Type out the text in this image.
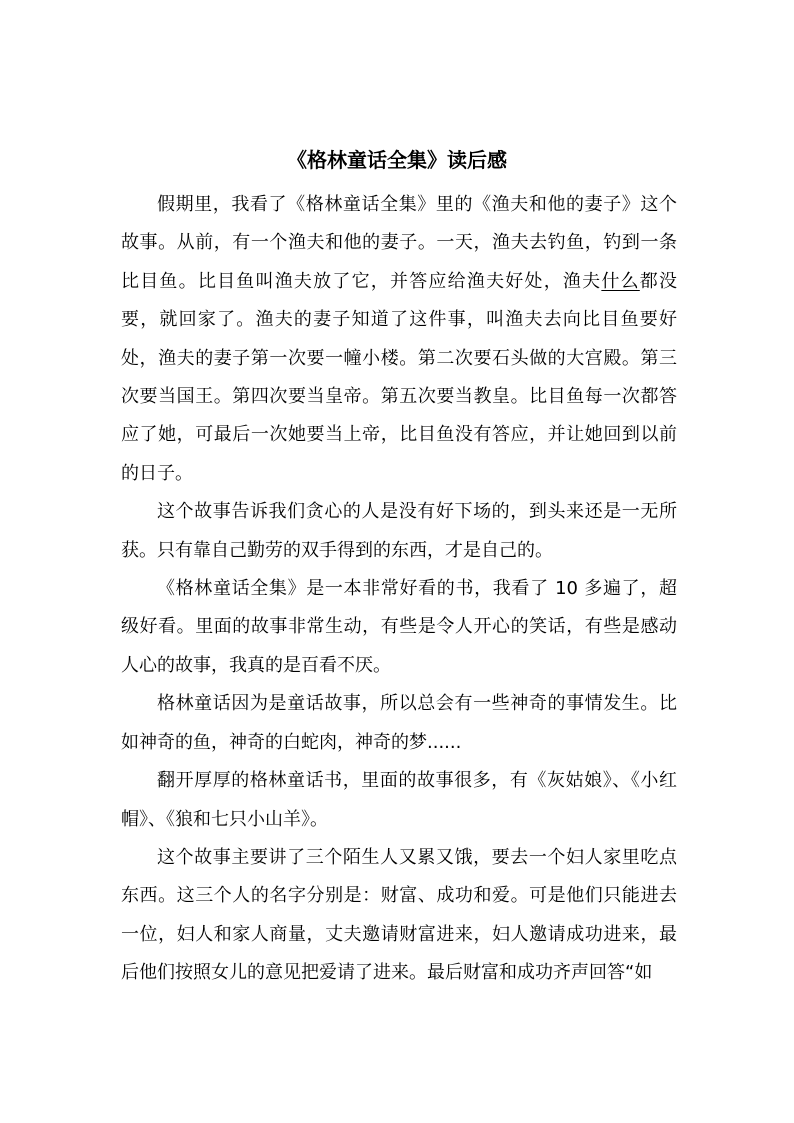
《格林童话全集》读后感

假期里，我看了《格林童话全集》里的《渔夫和他的妻子》这个故事。从前，有一个渔夫和他的妻子。一天，渔夫去钓鱼，钓到一条比目鱼。比目鱼叫渔夫放了它，并答应给渔夫好处，渔夫什么都没要，就回家了。渔夫的妻子知道了这件事，叫渔夫去向比目鱼要好处，渔夫的妻子第一次要一幢小楼。第二次要石头做的大宫殿。第三次要当国王。第四次要当皇帝。第五次要当教皇。比目鱼每一次都答应了她，可最后一次她要当上帝，比目鱼没有答应，并让她回到以前的日子。

这个故事告诉我们贪心的人是没有好下场的，到头来还是一无所获。只有靠自己勤劳的双手得到的东西，才是自己的。

《格林童话全集》是一本非常好看的书，我看了 10 多遍了，超级好看。里面的故事非常生动，有些是令人开心的笑话，有些是感动人心的故事，我真的是百看不厌。

格林童话因为是童话故事，所以总会有一些神奇的事情发生。比如神奇的鱼，神奇的白蛇肉，神奇的梦......

翻开厚厚的格林童话书，里面的故事很多，有《灰姑娘》、《小红帽》、《狼和七只小山羊》。

这个故事主要讲了三个陌生人又累又饿，要去一个妇人家里吃点东西。这三个人的名字分别是：财富、成功和爱。可是他们只能进去一位，妇人和家人商量，丈夫邀请财富进来，妇人邀请成功进来，最后他们按照女儿的意见把爱请了进来。最后财富和成功齐声回答“如
